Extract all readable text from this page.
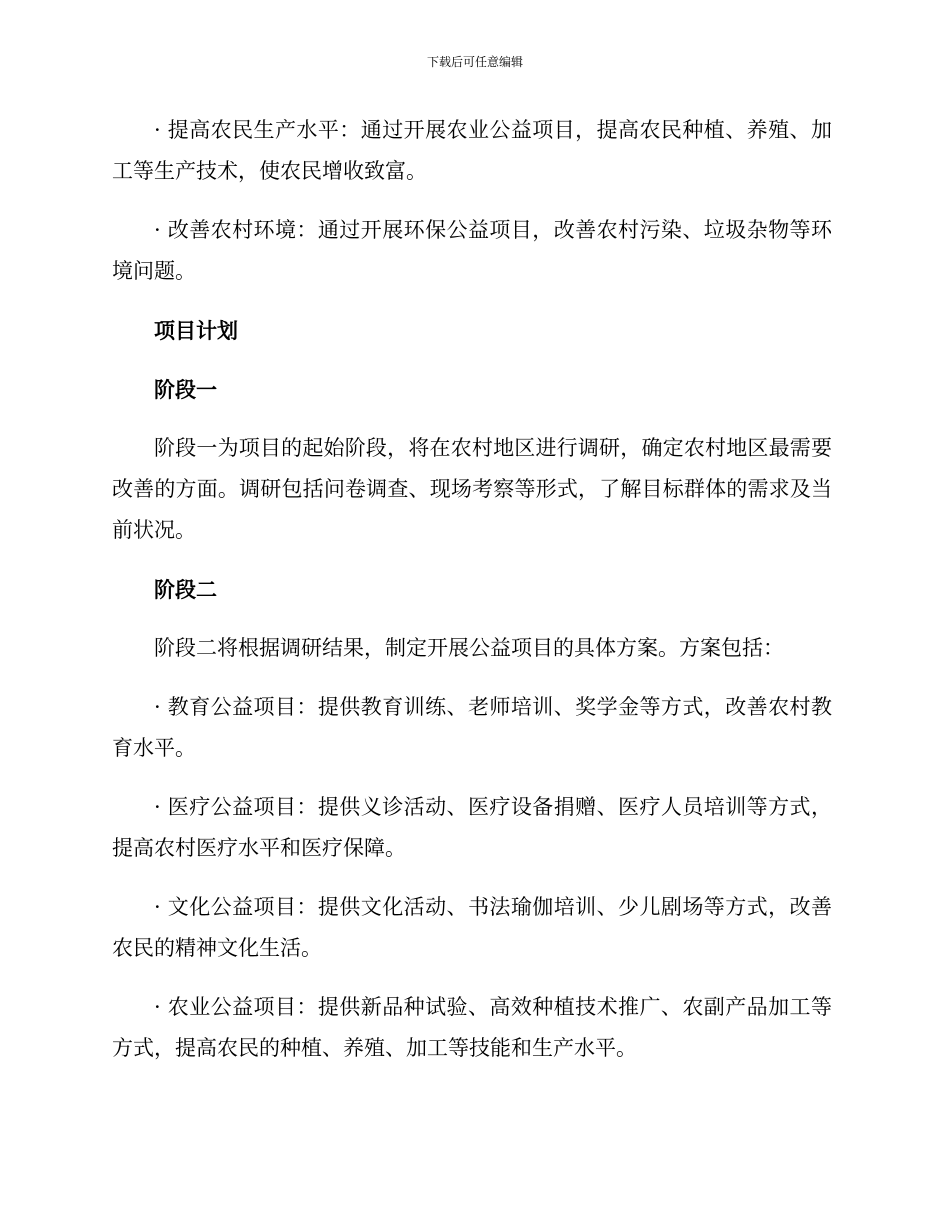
下载后可任意编辑

· 提高农民生产水平：通过开展农业公益项目，提高农民种植、养殖、加工等生产技术，使农民增收致富。

· 改善农村环境：通过开展环保公益项目，改善农村污染、垃圾杂物等环境问题。

项目计划

阶段一

阶段一为项目的起始阶段，将在农村地区进行调研，确定农村地区最需要改善的方面。调研包括问卷调查、现场考察等形式，了解目标群体的需求及当前状况。

阶段二

阶段二将根据调研结果，制定开展公益项目的具体方案。方案包括：

· 教育公益项目：提供教育训练、老师培训、奖学金等方式，改善农村教育水平。

· 医疗公益项目：提供义诊活动、医疗设备捐赠、医疗人员培训等方式，提高农村医疗水平和医疗保障。

· 文化公益项目：提供文化活动、书法瑜伽培训、少儿剧场等方式，改善农民的精神文化生活。

· 农业公益项目：提供新品种试验、高效种植技术推广、农副产品加工等方式，提高农民的种植、养殖、加工等技能和生产水平。
